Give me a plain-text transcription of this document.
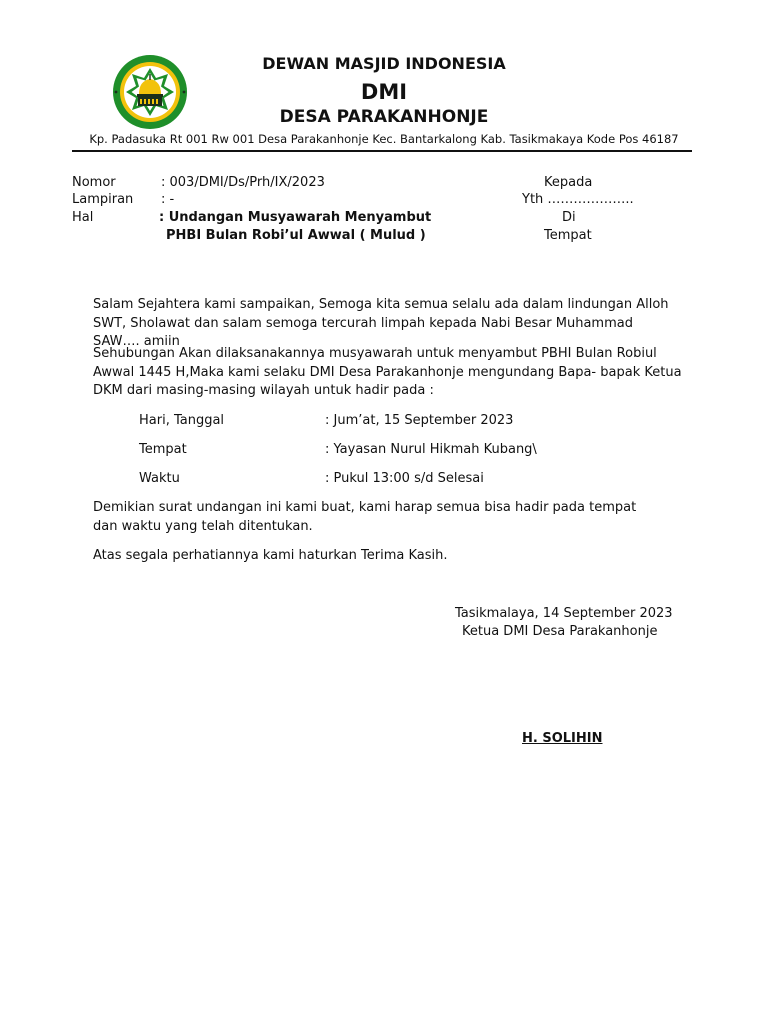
DEWAN MASJID INDONESIA
DMI
DESA PARAKANHONJE
Kp. Padasuka Rt 001 Rw 001 Desa Parakanhonje Kec. Bantarkalong Kab. Tasikmakaya Kode Pos 46187
Nomor	: 003/DMI/Ds/Prh/IX/2023
Lampiran : -
Hal	: Undangan Musyawarah Menyambut
PHBI Bulan Robi’ul Awwal ( Mulud )
Kepada
Yth ………………..
Di
Tempat
Salam Sejahtera kami sampaikan, Semoga kita semua selalu ada dalam lindungan Alloh SWT, Sholawat dan salam semoga tercurah limpah kepada Nabi Besar Muhammad SAW…. amiin
Sehubungan Akan dilaksanakannya musyawarah untuk menyambut PBHI Bulan Robiul Awwal 1445 H,Maka kami selaku DMI Desa Parakanhonje mengundang Bapa- bapak Ketua DKM dari masing-masing wilayah untuk hadir pada :
Hari, Tanggal	: Jum’at, 15 September 2023
Tempat	: Yayasan Nurul Hikmah Kubang\
Waktu	: Pukul 13:00 s/d Selesai
Demikian surat undangan ini kami buat, kami harap semua bisa hadir pada tempat dan waktu yang telah ditentukan.
Atas segala perhatiannya kami haturkan Terima Kasih.
Tasikmalaya, 14 September 2023
Ketua DMI Desa Parakanhonje
H. SOLIHIN
